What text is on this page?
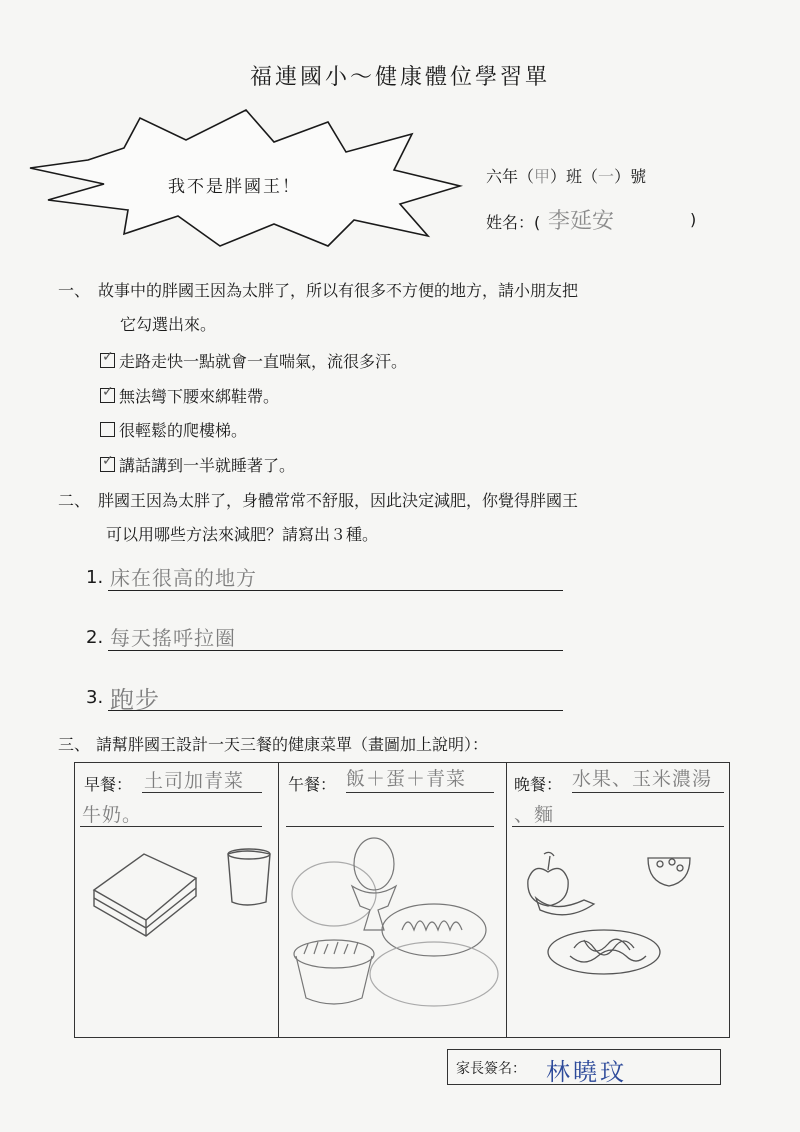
福連國小～健康體位學習單
我不是胖國王！
六年（甲）班（一）號
姓名：( 李延安	)
一、 故事中的胖國王因為太胖了，所以有很多不方便的地方，請小朋友把
它勾選出來。
✓ 走路走快一點就會一直喘氣，流很多汗。
✓ 無法彎下腰來綁鞋帶。
很輕鬆的爬樓梯。
✓ 講話講到一半就睡著了。
二、 胖國王因為太胖了，身體常常不舒服，因此決定減肥，你覺得胖國王
可以用哪些方法來減肥？請寫出３種。
1. 床在很高的地方
2. 每天搖呼拉圈
3. 跑步
三、 請幫胖國王設計一天三餐的健康菜單（畫圖加上說明）：
早餐： 土司加青菜
牛奶。
午餐： 飯＋蛋＋青菜	晚餐： 水果、玉米濃湯
、麵
家長簽名： 林曉玟
